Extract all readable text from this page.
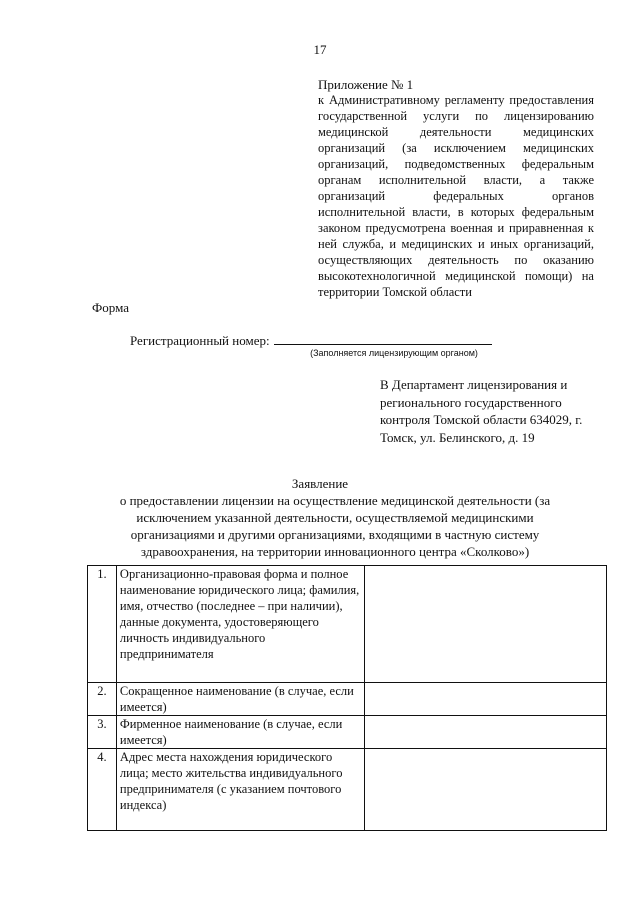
17
Приложение № 1
к Административному регламенту предоставления государственной услуги по лицензированию медицинской деятельности медицинских организаций (за исключением медицинских организаций, подведомственных федеральным органам исполнительной власти, а также организаций федеральных органов исполнительной власти, в которых федеральным законом предусмотрена военная и приравненная к ней служба, и медицинских и иных организаций, осуществляющих деятельность по оказанию высокотехнологичной медицинской помощи) на территории Томской области
Форма
Регистрационный номер:
(Заполняется лицензирующим органом)
В Департамент лицензирования и регионального государственного контроля Томской области 634029, г. Томск, ул. Белинского, д. 19
Заявление
о предоставлении лицензии на осуществление медицинской деятельности (за исключением указанной деятельности, осуществляемой медицинскими организациями и другими организациями, входящими в частную систему здравоохранения, на территории инновационного центра «Сколково»)
1.	Организационно-правовая форма и полное наименование юридического лица; фамилия, имя, отчество (последнее – при наличии), данные документа, удостоверяющего личность индивидуального предпринимателя	
2.	Сокращенное наименование (в случае, если имеется)	
3.	Фирменное наименование (в случае, если имеется)	
4.	Адрес места нахождения юридического лица; место жительства индивидуального предпринимателя (с указанием почтового индекса)	
